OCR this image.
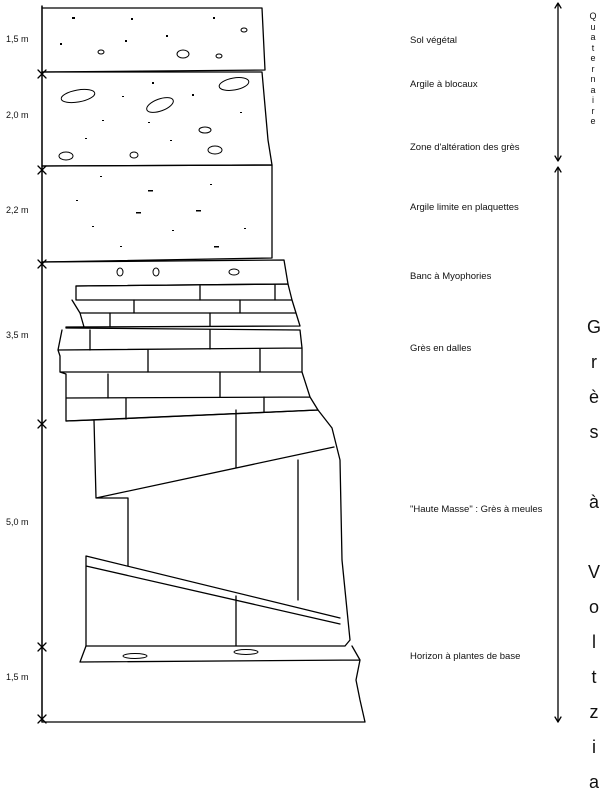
1,5 m
2,0 m
2,2 m
3,5 m
5,0 m
1,5 m
Sol végétal
Argile à blocaux
Zone d'altération des grès
Argile limite en plaquettes
Banc à Myophories
Grès en dalles
"Haute Masse" : Grès à meules
Horizon à plantes de base
Q
u
a
t
e
r
n
a
i
r
e
G
r
è
s

à

V
o
l
t
z
i
a
